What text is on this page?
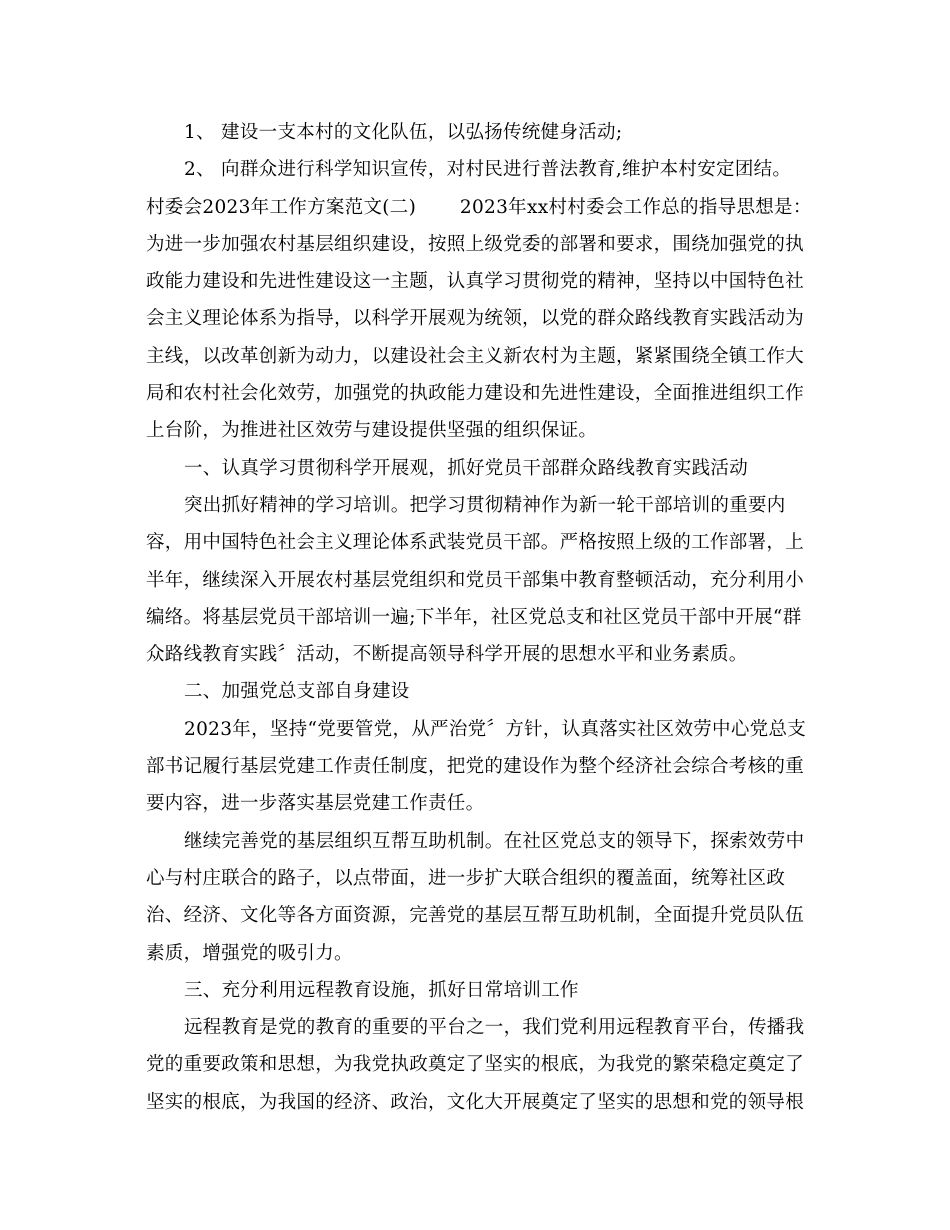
1、 建设一支本村的文化队伍，以弘扬传统健身活动;
2、 向群众进行科学知识宣传，对村民进行普法教育,维护本村安定团结。
村委会2023年工作方案范文(二)　　 2023年xx村村委会工作总的指导思想是：
为进一步加强农村基层组织建设，按照上级党委的部署和要求，围绕加强党的执
政能力建设和先进性建设这一主题，认真学习贯彻党的精神，坚持以中国特色社
会主义理论体系为指导，以科学开展观为统领，以党的群众路线教育实践活动为
主线，以改革创新为动力，以建设社会主义新农村为主题，紧紧围绕全镇工作大
局和农村社会化效劳，加强党的执政能力建设和先进性建设，全面推进组织工作
上台阶，为推进社区效劳与建设提供坚强的组织保证。
一、认真学习贯彻科学开展观，抓好党员干部群众路线教育实践活动
突出抓好精神的学习培训。把学习贯彻精神作为新一轮干部培训的重要内
容，用中国特色社会主义理论体系武装党员干部。严格按照上级的工作部署，上
半年，继续深入开展农村基层党组织和党员干部集中教育整顿活动，充分利用小
编络。将基层党员干部培训一遍;下半年，社区党总支和社区党员干部中开展“群
众路线教育实践〞活动，不断提高领导科学开展的思想水平和业务素质。
二、加强党总支部自身建设
2023年，坚持“党要管党，从严治党〞方针，认真落实社区效劳中心党总支
部书记履行基层党建工作责任制度，把党的建设作为整个经济社会综合考核的重
要内容，进一步落实基层党建工作责任。
继续完善党的基层组织互帮互助机制。在社区党总支的领导下，探索效劳中
心与村庄联合的路子，以点带面，进一步扩大联合组织的覆盖面，统筹社区政
治、经济、文化等各方面资源，完善党的基层互帮互助机制，全面提升党员队伍
素质，增强党的吸引力。
三、充分利用远程教育设施，抓好日常培训工作
远程教育是党的教育的重要的平台之一，我们党利用远程教育平台，传播我
党的重要政策和思想，为我党执政奠定了坚实的根底，为我党的繁荣稳定奠定了
坚实的根底，为我国的经济、政治，文化大开展奠定了坚实的思想和党的领导根
